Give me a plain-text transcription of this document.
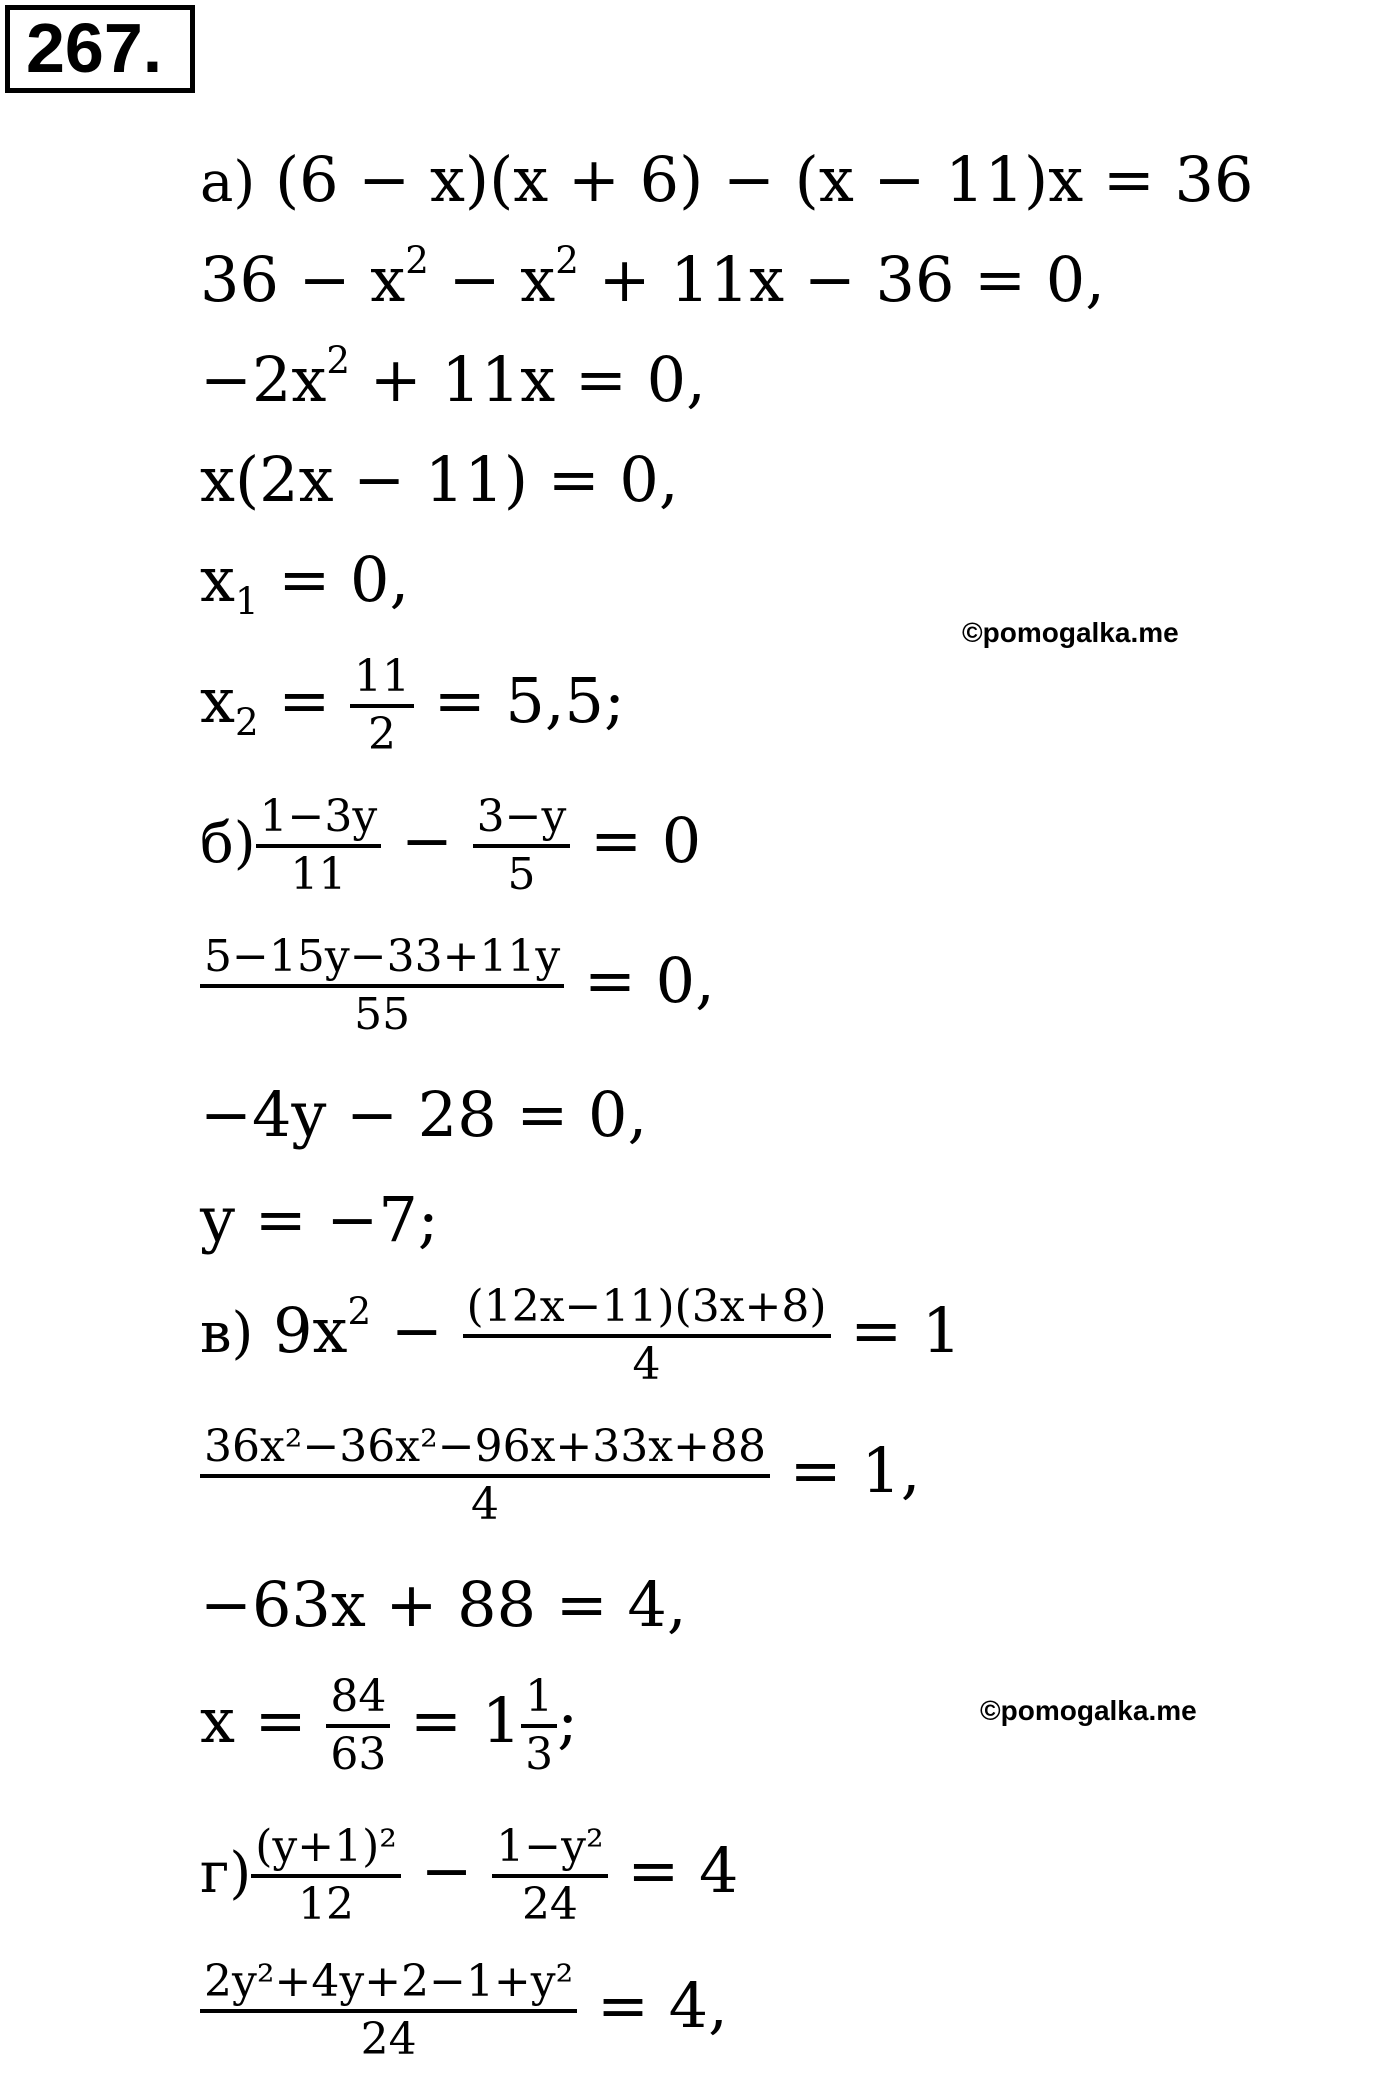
267.
а) (6 − x)(x + 6) − (x − 11)x = 36
$36 - x^2 - x^2 + 11x - 36 = 0$,
$-2x^2 + 11x = 0$,
x(2x − 11) = 0,
$x_1 = 0$,
©pomogalka.me
$x_2 = \frac{11}{2} = 5,5$;
$б) \frac{1-3y}{11} - \frac{3-y}{5} = 0$
$\frac{5-15y-33+11y}{55} = 0$,
−4y − 28 = 0,
y = −7;
в) $9x^2 - \frac{(12x-11)(3x+8)}{4} = 1$
$\frac{\text{36x²−36x²−96x+33x+88}}{4} = 1$,
−63x + 88 = 4,
$x = \frac{84}{63} = 1 \frac{1}{3}$ ;	©pomogalka.me
$г) \frac{\text{(y+1)²}}{12} - \frac{\text{1−y²}}{24} = 4$
$\frac{\text{2y²+4y+2−1+y²}}{24} = 4$,
